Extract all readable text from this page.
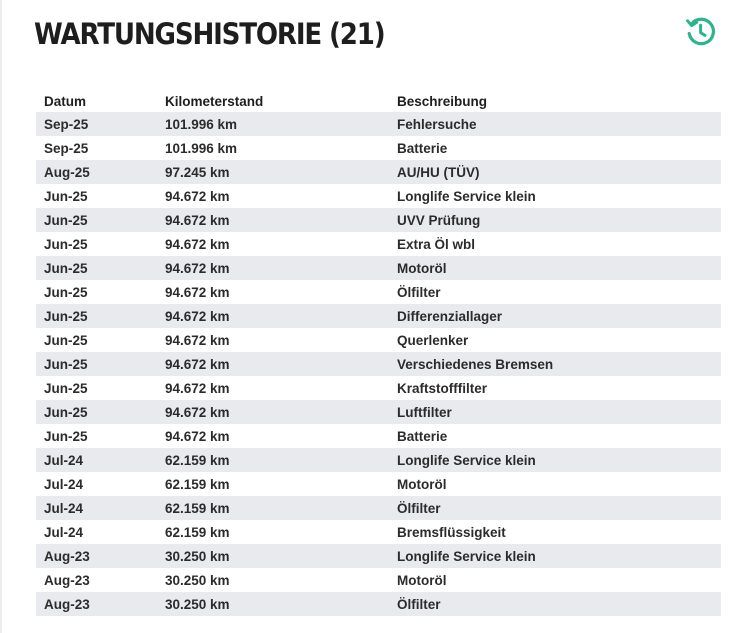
WARTUNGSHISTORIE (21)
Datum	Kilometerstand	Beschreibung
Sep-25	101.996 km	Fehlersuche
Sep-25	101.996 km	Batterie
Aug-25	97.245 km	AU/HU (TÜV)
Jun-25	94.672 km	Longlife Service klein
Jun-25	94.672 km	UVV Prüfung
Jun-25	94.672 km	Extra Öl wbl
Jun-25	94.672 km	Motoröl
Jun-25	94.672 km	Ölfilter
Jun-25	94.672 km	Differenziallager
Jun-25	94.672 km	Querlenker
Jun-25	94.672 km	Verschiedenes Bremsen
Jun-25	94.672 km	Kraftstofffilter
Jun-25	94.672 km	Luftfilter
Jun-25	94.672 km	Batterie
Jul-24	62.159 km	Longlife Service klein
Jul-24	62.159 km	Motoröl
Jul-24	62.159 km	Ölfilter
Jul-24	62.159 km	Bremsflüssigkeit
Aug-23	30.250 km	Longlife Service klein
Aug-23	30.250 km	Motoröl
Aug-23	30.250 km	Ölfilter
